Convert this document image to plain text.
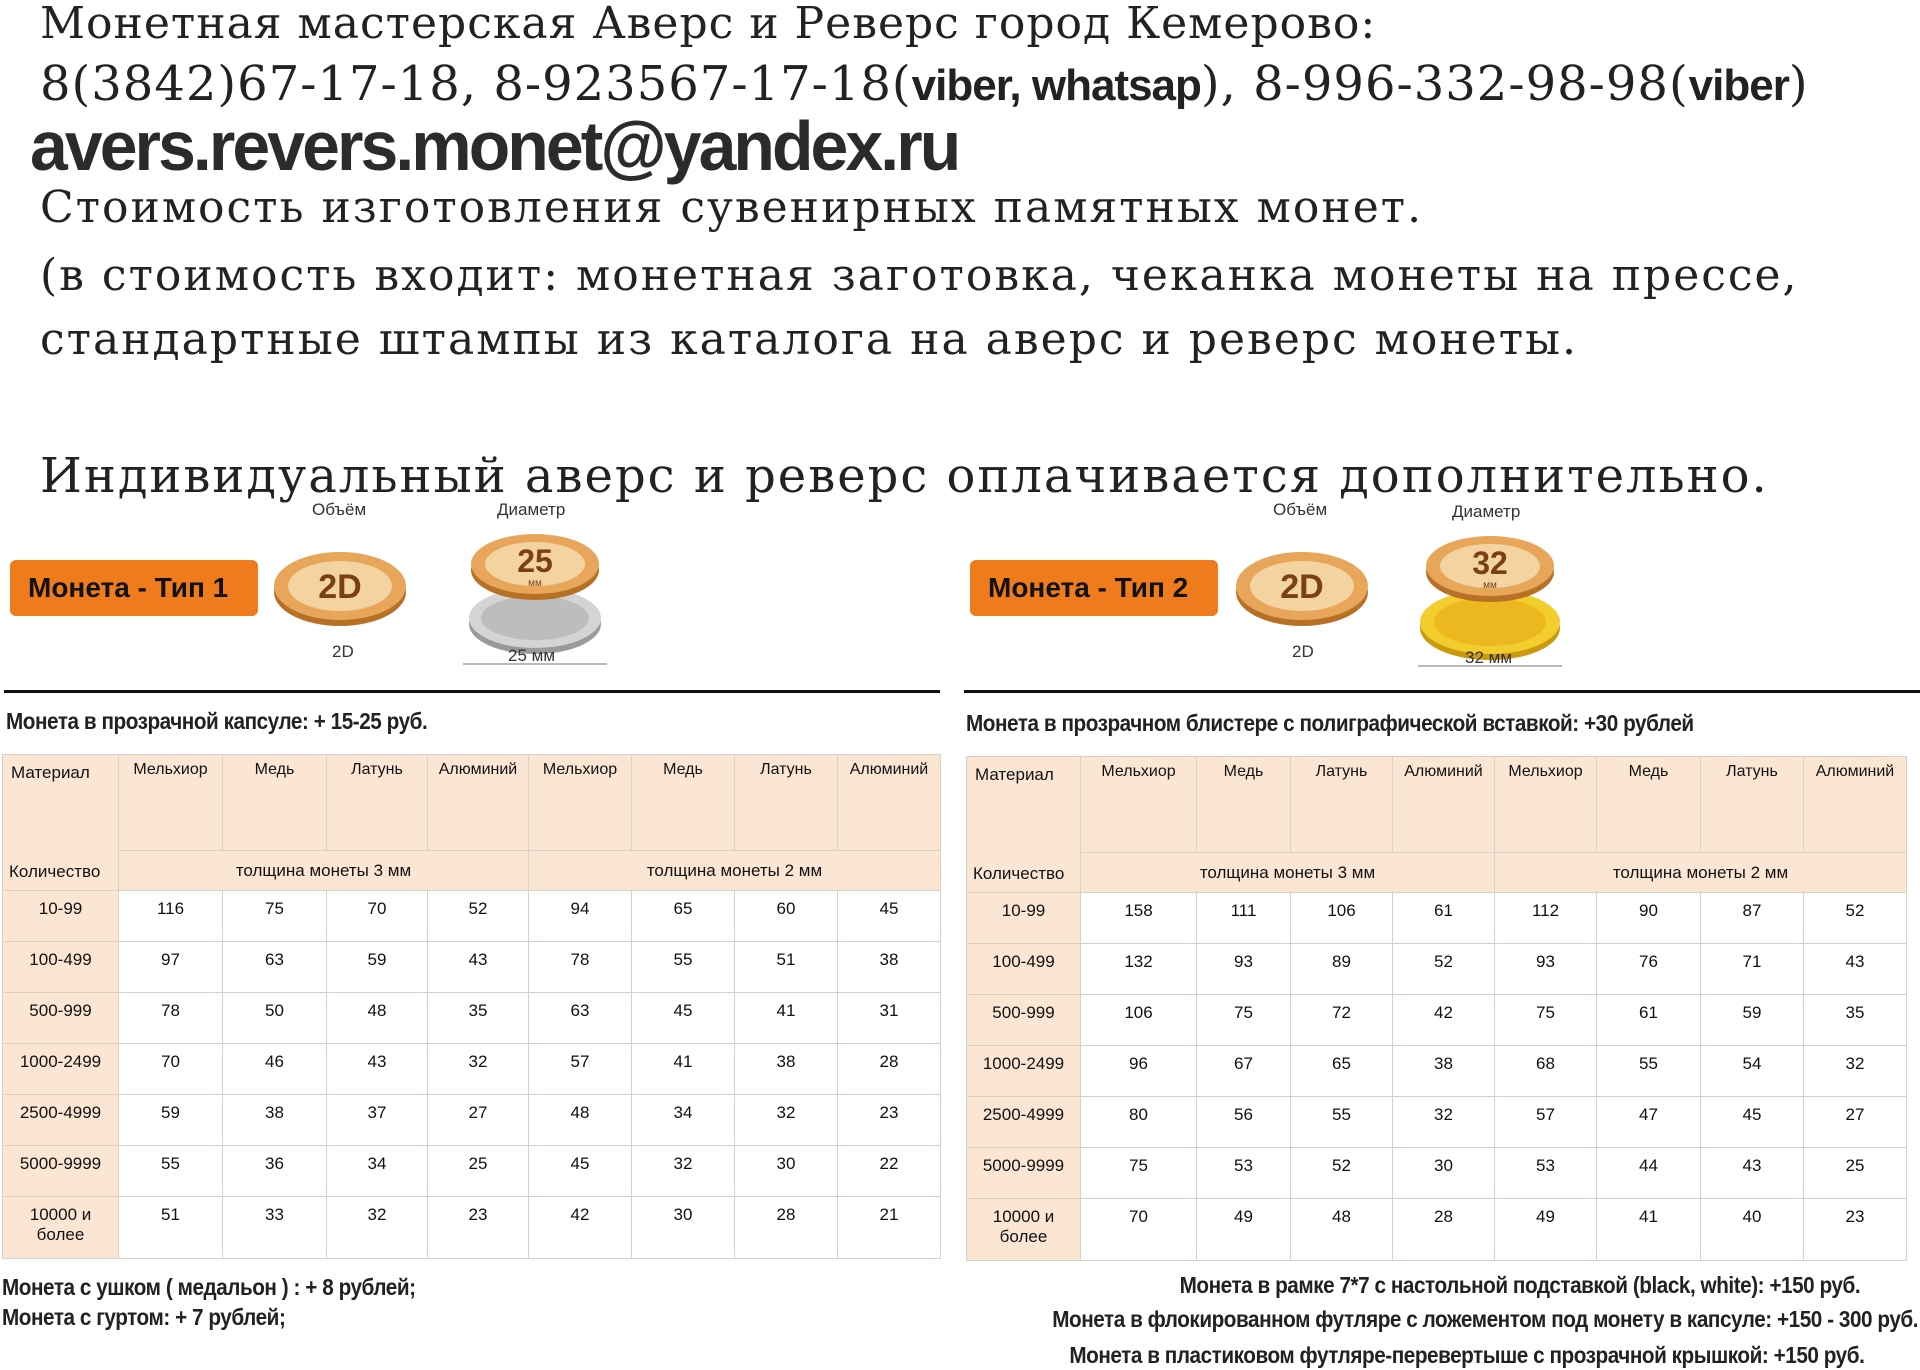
Монетная мастерская Аверс и Реверс город Кемерово:
8(3842)67-17-18, 8-923567-17-18(viber, whatsap), 8-996-332-98-98(viber)
avers.revers.monet@yandex.ru
Стоимость изготовления сувенирных памятных монет.
(в стоимость входит: монетная заготовка, чеканка монеты на прессе,
стандартные штампы из каталога на аверс и реверс монеты.
Индивидуальный аверс и реверс оплачивается дополнительно.
Монета - Тип 1
Объём
2D
2D
Диаметр
25
мм
25 мм
Монета - Тип 2
Объём
2D
2D
Диаметр
32
мм
32 мм
Монета в прозрачной капсуле: + 15-25 руб.	Монета в прозрачном блистере с полиграфической вставкой: +30 рублей
Материал
Количество	Мельхиор	Медь	Латунь	Алюминий	Мельхиор	Медь	Латунь	Алюминий
	толщина монеты 3 мм				толщина монеты 2 мм			
10-99	116	75	70	52	94	65	60	45
100-499	97	63	59	43	78	55	51	38
500-999	78	50	48	35	63	45	41	31
1000-2499	70	46	43	32	57	41	38	28
2500-4999	59	38	37	27	48	34	32	23
5000-9999	55	36	34	25	45	32	30	22
10000 и
более	51	33	32	23	42	30	28	21
Материал
Количество	Мельхиор	Медь	Латунь	Алюминий	Мельхиор	Медь	Латунь	Алюминий
	толщина монеты 3 мм				толщина монеты 2 мм			
10-99	158	111	106	61	112	90	87	52
100-499	132	93	89	52	93	76	71	43
500-999	106	75	72	42	75	61	59	35
1000-2499	96	67	65	38	68	55	54	32
2500-4999	80	56	55	32	57	47	45	27
5000-9999	75	53	52	30	53	44	43	25
10000 и
более	70	49	48	28	49	41	40	23
Монета с ушком ( медальон ) : + 8 рублей;
Монета с гуртом: + 7 рублей;
Монета в рамке 7*7 с настольной подставкой (black, white): +150 руб.
Монета в флокированном футляре с ложементом под монету в капсуле: +150 - 300 руб.
Монета в пластиковом футляре-перевертыше с прозрачной крышкой: +150 руб.
